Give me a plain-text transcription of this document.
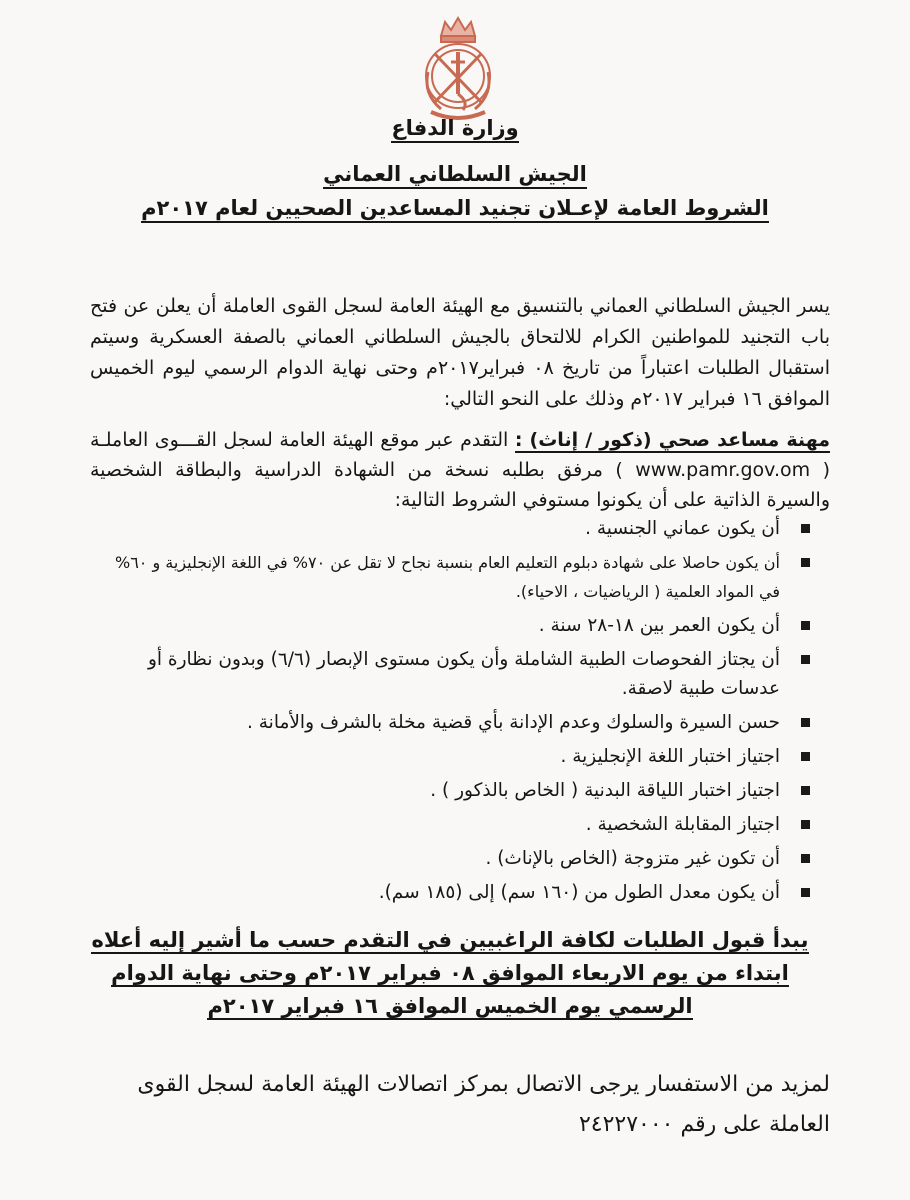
وزارة الدفاع
الجيش السلطاني العماني
الشروط العامة لإعـلان تجنيد المساعدين الصحيين لعام ٢٠١٧م

يسر الجيش السلطاني العماني بالتنسيق مع الهيئة العامة لسجل القوى العاملة أن يعلن عن فتح باب التجنيد للمواطنين الكرام للالتحاق بالجيش السلطاني العماني بالصفة العسكرية وسيتم استقبال الطلبات اعتباراً من تاريخ ٠٨ فبراير٢٠١٧م وحتى نهاية الدوام الرسمي ليوم الخميس الموافق ١٦ فبراير ٢٠١٧م وذلك على النحو التالي:

مهنة مساعد صحي (ذكور / إناث) : التقدم عبر موقع الهيئة العامة لسجل القـــوى العاملـة ( www.pamr.gov.om ) مرفق بطلبه نسخة من الشهادة الدراسية والبطاقة الشخصية والسيرة الذاتية على أن يكونوا مستوفي الشروط التالية:
أن يكون عماني الجنسية .
أن يكون حاصلا على شهادة دبلوم التعليم العام بنسبة نجاح لا تقل عن ٧٠% في اللغة الإنجليزية و ٦٠% في المواد العلمية ( الرياضيات ، الاحياء).
أن يكون العمر بين ١٨-٢٨ سنة .
أن يجتاز الفحوصات الطبية الشاملة وأن يكون مستوى الإبصار (٦/٦) وبدون نظارة أو عدسات طبية لاصقة.
حسن السيرة والسلوك وعدم الإدانة بأي قضية مخلة بالشرف والأمانة .
اجتياز اختبار اللغة الإنجليزية .
اجتياز اختبار اللياقة البدنية ( الخاص بالذكور ) .
اجتياز المقابلة الشخصية .
أن تكون غير متزوجة (الخاص بالإناث) .
أن يكون معدل الطول من (١٦٠ سم) إلى (١٨٥ سم).
يبدأ قبول الطلبات لكافة الراغبيين في التقدم حسب ما أشير إليه أعلاه ابتداء من يوم الاربعاء الموافق ٠٨ فبراير ٢٠١٧م وحتى نهاية الدوام الرسمي يوم الخميس الموافق ١٦ فبراير ٢٠١٧م
لمزيد من الاستفسار يرجى الاتصال بمركز اتصالات الهيئة العامة لسجل القوى العاملة على رقم ٢٤٢٢٧٠٠٠
